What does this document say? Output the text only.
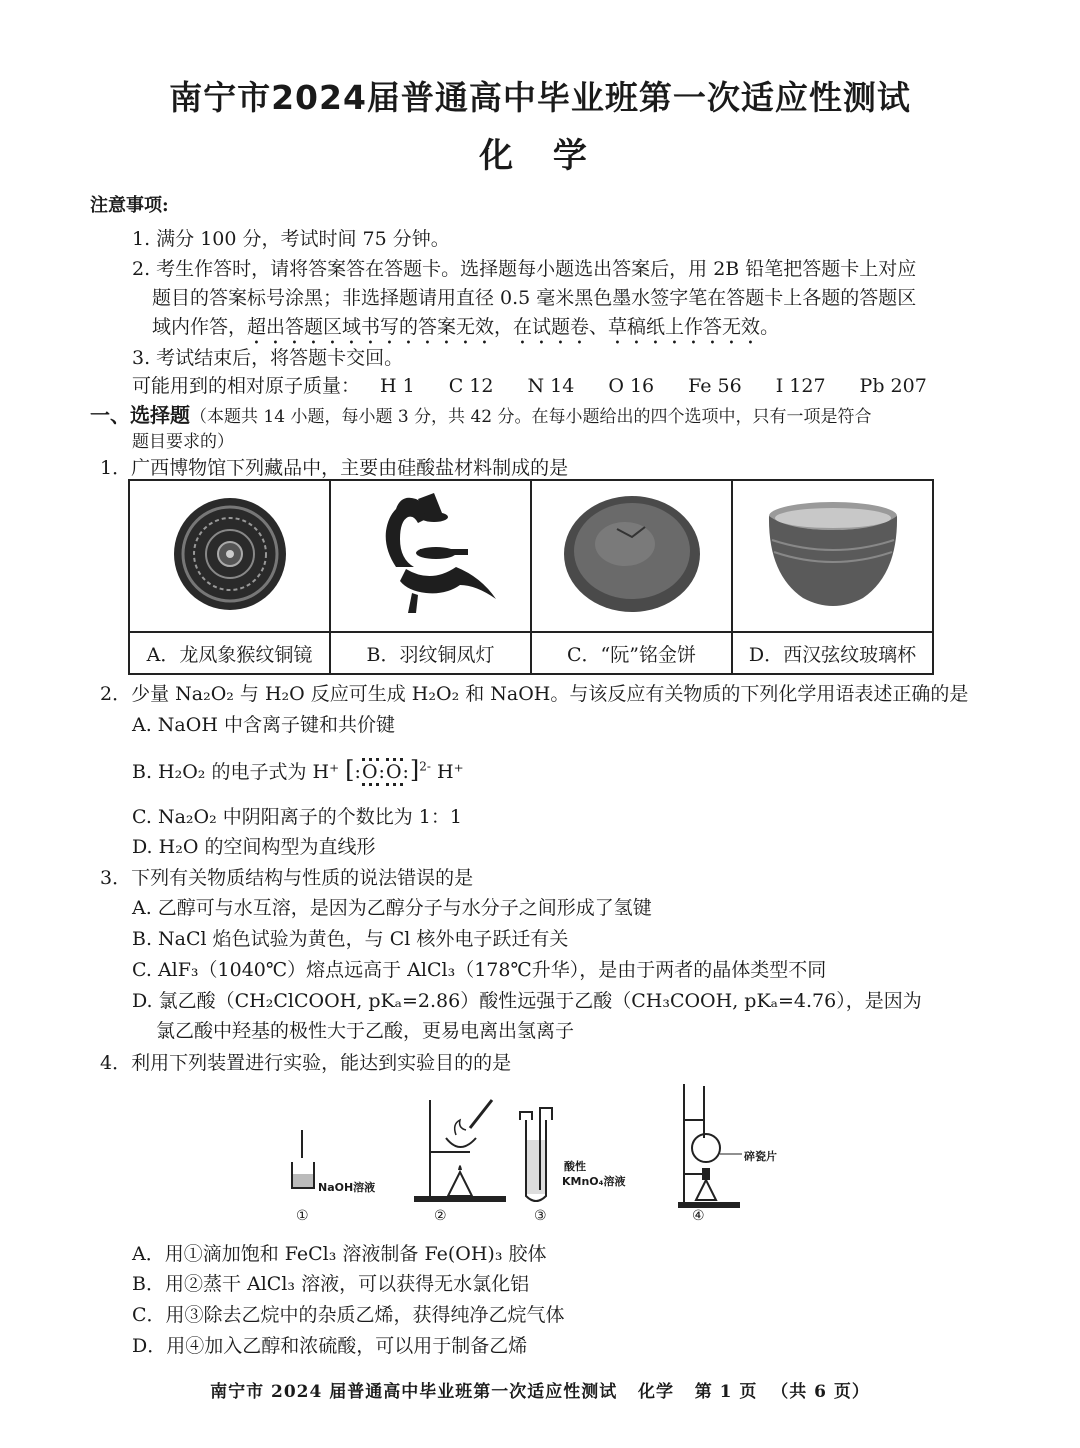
南宁市2024届普通高中毕业班第一次适应性测试
化 学
注意事项:
1. 满分 100 分，考试时间 75 分钟。
2. 考生作答时，请将答案答在答题卡。选择题每小题选出答案后，用 2B 铅笔把答题卡上对应
题目的答案标号涂黑；非选择题请用直径 0.5 毫米黑色墨水签字笔在答题卡上各题的答题区
域内作答，超出答题区域书写的答案无效，在试题卷、草稿纸上作答无效。
3. 考试结束后，将答题卡交回。
可能用到的相对原子质量： H 1 C 12 N 14 O 16 Fe 56 I 127 Pb 207
一、选择题（本题共 14 小题，每小题 3 分，共 42 分。在每小题给出的四个选项中，只有一项是符合
题目要求的）
1．广西博物馆下列藏品中，主要由硅酸盐材料制成的是

A．龙凤象猴纹铜镜	B．羽纹铜凤灯	C．“阮”铭金饼	D．西汉弦纹玻璃杯
2．少量 Na₂O₂ 与 H₂O 反应可生成 H₂O₂ 和 NaOH。与该反应有关物质的下列化学用语表述正确的是
A. NaOH 中含离子键和共价键
B. H₂O₂ 的电子式为 H⁺ [:O:O:]$^{2-}$ H⁺
C. Na₂O₂ 中阴阳离子的个数比为 1：1
D. H₂O 的空间构型为直线形
3．下列有关物质结构与性质的说法错误的是
A. 乙醇可与水互溶，是因为乙醇分子与水分子之间形成了氢键
B. NaCl 焰色试验为黄色，与 Cl 核外电子跃迁有关
C. AlF₃（1040℃）熔点远高于 AlCl₃（178℃升华），是由于两者的晶体类型不同
D. 氯乙酸（CH₂ClCOOH, pKₐ=2.86）酸性远强于乙酸（CH₃COOH, pKₐ=4.76），是因为
氯乙酸中羟基的极性大于乙酸，更易电离出氢离子
4．利用下列装置进行实验，能达到实验目的的是
NaOH溶液
酸性
KMnO₄溶液
碎瓷片
①	②	③	④
A．用①滴加饱和 FeCl₃ 溶液制备 Fe(OH)₃ 胶体
B．用②蒸干 AlCl₃ 溶液，可以获得无水氯化铝
C．用③除去乙烷中的杂质乙烯，获得纯净乙烷气体
D．用④加入乙醇和浓硫酸，可以用于制备乙烯
南宁市 2024 届普通高中毕业班第一次适应性测试   化学   第 1 页  （共 6 页）
